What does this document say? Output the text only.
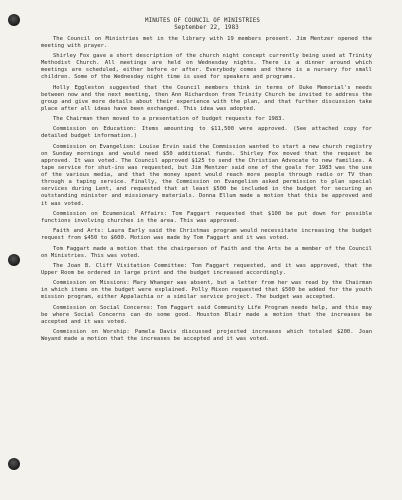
MINUTES OF COUNCIL OF MINISTRIES
September 22, 1983

The Council on Ministries met in the library with 19 members present. Jim Mentzer opened the meeting with prayer.

Shirley Fox gave a short description of the church night concept currently being used at Trinity Methodist Church. All meetings are held on Wednesday nights. There is a dinner around which meetings are scheduled, either before or after. Everybody comes and there is a nursery for small children. Some of the Wednesday night time is used for speakers and programs.

Holly Eggleston suggested that the Council members think in terms of Duke Memorial's needs between now and the next meeting, then Ann Richardson from Trinity Church be invited to address the group and give more details about their experience with the plan, and that further discussion take place after all ideas have been exchanged. This idea was adopted.

The Chairman then moved to a presentation of budget requests for 1983.

Commission on Education: Items amounting to $11,500 were approved. (See attached copy for detailed budget information.)

Commission on Evangelism: Louise Ervin said the Commission wanted to start a new church registry on Sunday mornings and would need $50 additional funds. Shirley Fox moved that the request be approved. It was voted. The Council approved $125 to send the Christian Advocate to new families. A tape service for shut-ins was requested, but Jim Mentzer said one of the goals for 1983 was the use of the various media, and that the money spent would reach more people through radio or TV than through a taping service. Finally, the Commission on Evangelism asked permission to plan special services during Lent, and requested that at least $500 be included in the budget for securing an outstanding minister and missionary materials. Donna Ellum made a motion that this be approved and it was voted.

Commission on Ecumenical Affairs: Tom Faggart requested that $100 be put down for possible functions involving churches in the area. This was approved.

Faith and Arts: Laura Early said the Christmas program would necessitate increasing the budget request from $450 to $600. Motion was made by Tom Faggart and it was voted.

Tom Faggart made a motion that the chairperson of Faith and the Arts be a member of the Council on Ministries. This was voted.

The Joan B. Cliff Visitation Committee: Tom Faggart requested, and it was approved, that the Upper Room be ordered in large print and the budget increased accordingly.

Commission on Missions: Mary Whanger was absent, but a letter from her was read by the Chairman in which items on the budget were explained. Polly Mixon requested that $500 be added for the youth mission program, either Appalachia or a similar service project. The budget was accepted.

Commission on Social Concerns: Tom Faggart said Community Life Program needs help, and this may be where Social Concerns can do some good. Houston Blair made a motion that the increases be accepted and it was voted.

Commission on Worship: Pamela Davis discussed projected increases which totaled $200. Joan Weyand made a motion that the increases be accepted and it was voted.
